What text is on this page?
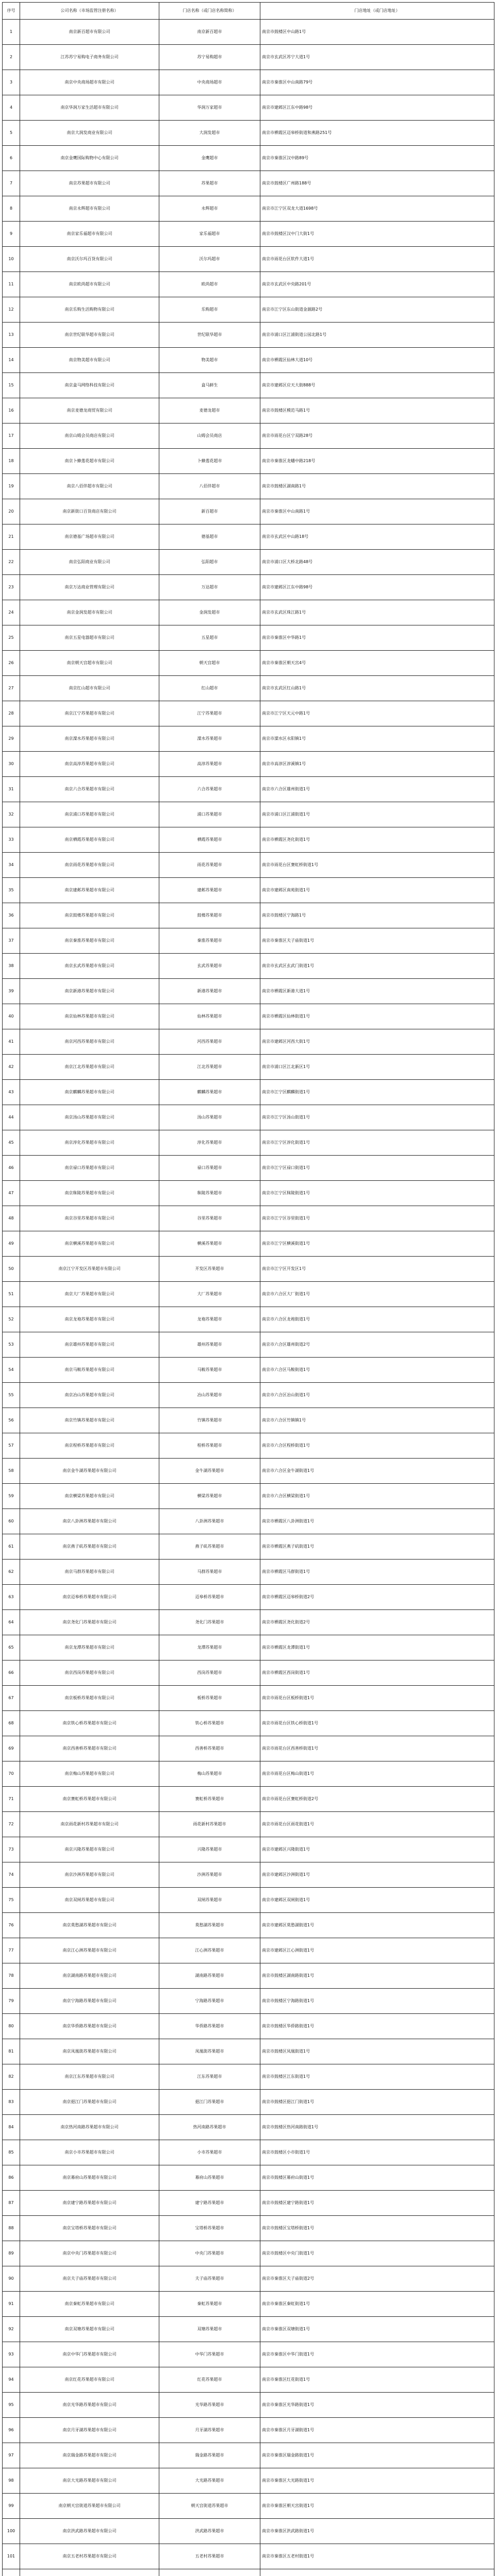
序号	公司名称（市场监管注册名称）	门店名称（或门店名称简称）	门店地址（或门店地址）
1	南京新百超市有限公司	南京新百超市	南京市鼓楼区中山路1号
2	江苏苏宁易购电子商务有限公司	苏宁易购超市	南京市玄武区苏宁大道1号
3	南京中央商场超市有限公司	中央商场超市	南京市秦淮区中山南路79号
4	南京华润万家生活超市有限公司	华润万家超市	南京市建邺区江东中路98号
5	南京大润发商业有限公司	大润发超市	南京市栖霞区迈皋桥街道和燕路251号
6	南京金鹰国际购物中心有限公司	金鹰超市	南京市秦淮区汉中路89号
7	南京苏果超市有限公司	苏果超市	南京市鼓楼区广州路188号
8	南京永辉超市有限公司	永辉超市	南京市江宁区双龙大道1698号
9	南京家乐福超市有限公司	家乐福超市	南京市鼓楼区汉中门大街1号
10	南京沃尔玛百货有限公司	沃尔玛超市	南京市雨花台区软件大道1号
11	南京欧尚超市有限公司	欧尚超市	南京市玄武区中央路201号
12	南京乐购生活购物有限公司	乐购超市	南京市江宁区东山街道金源路2号
13	南京世纪联华超市有限公司	世纪联华超市	南京市浦口区江浦街道公园北路1号
14	南京物美超市有限公司	物美超市	南京市栖霞区仙林大道10号
15	南京盒马网络科技有限公司	盒马鲜生	南京市建邺区应天大街888号
16	南京麦德龙商贸有限公司	麦德龙超市	南京市鼓楼区模范马路1号
17	南京山姆会员商店有限公司	山姆会员商店	南京市雨花台区宁双路28号
18	南京卜蜂莲花超市有限公司	卜蜂莲花超市	南京市秦淮区龙蟠中路218号
19	南京八佰伴超市有限公司	八佰伴超市	南京市鼓楼区湖南路1号
20	南京新街口百货商店有限公司	新百超市	南京市秦淮区中山南路1号
21	南京德基广场超市有限公司	德基超市	南京市玄武区中山路18号
22	南京弘阳商业有限公司	弘阳超市	南京市浦口区大桥北路48号
23	南京万达商业管理有限公司	万达超市	南京市建邺区江东中路98号
24	南京金润发超市有限公司	金润发超市	南京市玄武区珠江路1号
25	南京五星电器超市有限公司	五星超市	南京市秦淮区中华路1号
26	南京朝天宫超市有限公司	朝天宫超市	南京市秦淮区朝天宫4号
27	南京红山超市有限公司	红山超市	南京市玄武区红山路1号
28	南京江宁苏果超市有限公司	江宁苏果超市	南京市江宁区天元中路1号
29	南京溧水苏果超市有限公司	溧水苏果超市	南京市溧水区永阳镇1号
30	南京高淳苏果超市有限公司	高淳苏果超市	南京市高淳区淳溪镇1号
31	南京六合苏果超市有限公司	六合苏果超市	南京市六合区雄州街道1号
32	南京浦口苏果超市有限公司	浦口苏果超市	南京市浦口区江浦街道1号
33	南京栖霞苏果超市有限公司	栖霞苏果超市	南京市栖霞区尧化街道1号
34	南京雨花苏果超市有限公司	雨花苏果超市	南京市雨花台区赛虹桥街道1号
35	南京建邺苏果超市有限公司	建邺苏果超市	南京市建邺区南苑街道1号
36	南京鼓楼苏果超市有限公司	鼓楼苏果超市	南京市鼓楼区宁海路1号
37	南京秦淮苏果超市有限公司	秦淮苏果超市	南京市秦淮区夫子庙街道1号
38	南京玄武苏果超市有限公司	玄武苏果超市	南京市玄武区玄武门街道1号
39	南京新港苏果超市有限公司	新港苏果超市	南京市栖霞区新港大道1号
40	南京仙林苏果超市有限公司	仙林苏果超市	南京市栖霞区仙林街道1号
41	南京河西苏果超市有限公司	河西苏果超市	南京市建邺区河西大街1号
42	南京江北苏果超市有限公司	江北苏果超市	南京市浦口区江北新区1号
43	南京麒麟苏果超市有限公司	麒麟苏果超市	南京市江宁区麒麟街道1号
44	南京汤山苏果超市有限公司	汤山苏果超市	南京市江宁区汤山街道1号
45	南京淳化苏果超市有限公司	淳化苏果超市	南京市江宁区淳化街道1号
46	南京禄口苏果超市有限公司	禄口苏果超市	南京市江宁区禄口街道1号
47	南京秣陵苏果超市有限公司	秣陵苏果超市	南京市江宁区秣陵街道1号
48	南京谷里苏果超市有限公司	谷里苏果超市	南京市江宁区谷里街道1号
49	南京横溪苏果超市有限公司	横溪苏果超市	南京市江宁区横溪街道1号
50	南京江宁开发区苏果超市有限公司	开发区苏果超市	南京市江宁区开发区1号
51	南京大厂苏果超市有限公司	大厂苏果超市	南京市六合区大厂街道1号
52	南京龙袍苏果超市有限公司	龙袍苏果超市	南京市六合区龙袍街道1号
53	南京雄州苏果超市有限公司	雄州苏果超市	南京市六合区雄州街道2号
54	南京马鞍苏果超市有限公司	马鞍苏果超市	南京市六合区马鞍街道1号
55	南京冶山苏果超市有限公司	冶山苏果超市	南京市六合区冶山街道1号
56	南京竹镇苏果超市有限公司	竹镇苏果超市	南京市六合区竹镇镇1号
57	南京程桥苏果超市有限公司	程桥苏果超市	南京市六合区程桥街道1号
58	南京金牛湖苏果超市有限公司	金牛湖苏果超市	南京市六合区金牛湖街道1号
59	南京横梁苏果超市有限公司	横梁苏果超市	南京市六合区横梁街道1号
60	南京八卦洲苏果超市有限公司	八卦洲苏果超市	南京市栖霞区八卦洲街道1号
61	南京燕子矶苏果超市有限公司	燕子矶苏果超市	南京市栖霞区燕子矶街道1号
62	南京马群苏果超市有限公司	马群苏果超市	南京市栖霞区马群街道1号
63	南京迈皋桥苏果超市有限公司	迈皋桥苏果超市	南京市栖霞区迈皋桥街道2号
64	南京尧化门苏果超市有限公司	尧化门苏果超市	南京市栖霞区尧化街道2号
65	南京龙潭苏果超市有限公司	龙潭苏果超市	南京市栖霞区龙潭街道1号
66	南京西岗苏果超市有限公司	西岗苏果超市	南京市栖霞区西岗街道1号
67	南京板桥苏果超市有限公司	板桥苏果超市	南京市雨花台区板桥街道1号
68	南京铁心桥苏果超市有限公司	铁心桥苏果超市	南京市雨花台区铁心桥街道1号
69	南京西善桥苏果超市有限公司	西善桥苏果超市	南京市雨花台区西善桥街道1号
70	南京梅山苏果超市有限公司	梅山苏果超市	南京市雨花台区梅山街道1号
71	南京赛虹桥苏果超市有限公司	赛虹桥苏果超市	南京市雨花台区赛虹桥街道2号
72	南京雨花新村苏果超市有限公司	雨花新村苏果超市	南京市雨花台区雨花街道1号
73	南京兴隆苏果超市有限公司	兴隆苏果超市	南京市建邺区兴隆街道1号
74	南京沙洲苏果超市有限公司	沙洲苏果超市	南京市建邺区沙洲街道1号
75	南京双闸苏果超市有限公司	双闸苏果超市	南京市建邺区双闸街道1号
76	南京莫愁湖苏果超市有限公司	莫愁湖苏果超市	南京市建邺区莫愁湖街道1号
77	南京江心洲苏果超市有限公司	江心洲苏果超市	南京市建邺区江心洲街道1号
78	南京湖南路苏果超市有限公司	湖南路苏果超市	南京市鼓楼区湖南路街道1号
79	南京宁海路苏果超市有限公司	宁海路苏果超市	南京市鼓楼区宁海路街道1号
80	南京华侨路苏果超市有限公司	华侨路苏果超市	南京市鼓楼区华侨路街道1号
81	南京凤凰街苏果超市有限公司	凤凰街苏果超市	南京市鼓楼区凤凰街道1号
82	南京江东苏果超市有限公司	江东苏果超市	南京市鼓楼区江东街道1号
83	南京挹江门苏果超市有限公司	挹江门苏果超市	南京市鼓楼区挹江门街道1号
84	南京热河南路苏果超市有限公司	热河南路苏果超市	南京市鼓楼区热河南路街道1号
85	南京小市苏果超市有限公司	小市苏果超市	南京市鼓楼区小市街道1号
86	南京幕府山苏果超市有限公司	幕府山苏果超市	南京市鼓楼区幕府山街道1号
87	南京建宁路苏果超市有限公司	建宁路苏果超市	南京市鼓楼区建宁路街道1号
88	南京宝塔桥苏果超市有限公司	宝塔桥苏果超市	南京市鼓楼区宝塔桥街道1号
89	南京中央门苏果超市有限公司	中央门苏果超市	南京市鼓楼区中央门街道1号
90	南京夫子庙苏果超市有限公司	夫子庙苏果超市	南京市秦淮区夫子庙街道2号
91	南京秦虹苏果超市有限公司	秦虹苏果超市	南京市秦淮区秦虹街道1号
92	南京双塘苏果超市有限公司	双塘苏果超市	南京市秦淮区双塘街道1号
93	南京中华门苏果超市有限公司	中华门苏果超市	南京市秦淮区中华门街道1号
94	南京红花苏果超市有限公司	红花苏果超市	南京市秦淮区红花街道1号
95	南京光华路苏果超市有限公司	光华路苏果超市	南京市秦淮区光华路街道1号
96	南京月牙湖苏果超市有限公司	月牙湖苏果超市	南京市秦淮区月牙湖街道1号
97	南京瑞金路苏果超市有限公司	瑞金路苏果超市	南京市秦淮区瑞金路街道1号
98	南京大光路苏果超市有限公司	大光路苏果超市	南京市秦淮区大光路街道1号
99	南京朝天宫街道苏果超市有限公司	朝天宫街道苏果超市	南京市秦淮区朝天宫街道1号
100	南京洪武路苏果超市有限公司	洪武路苏果超市	南京市秦淮区洪武路街道1号
101	南京五老村苏果超市有限公司	五老村苏果超市	南京市秦淮区五老村街道1号
